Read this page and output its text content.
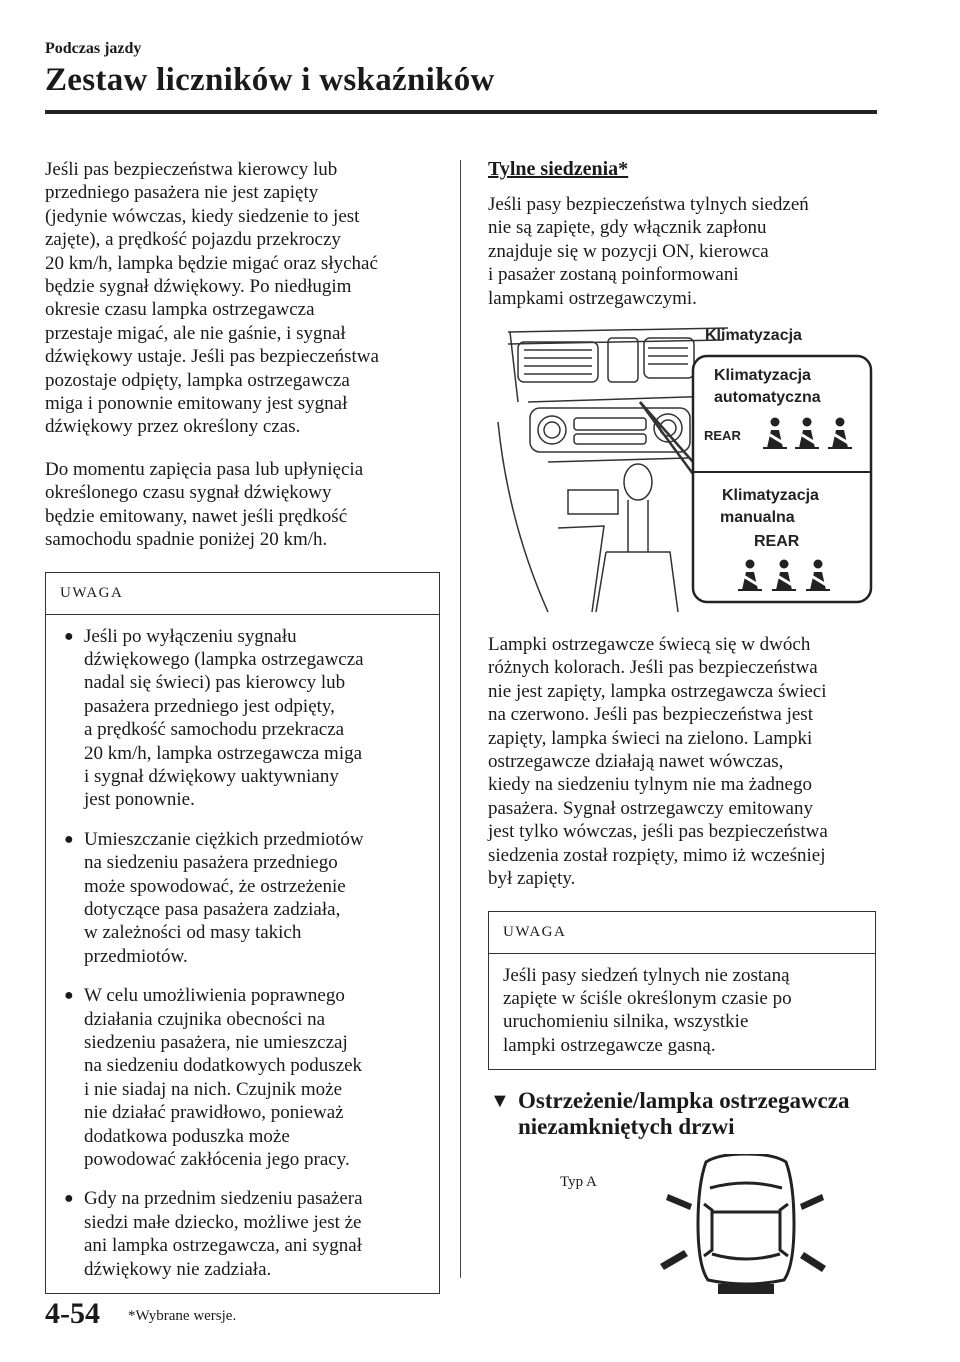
Podczas jazdy
Zestaw liczników i wskaźników

Jeśli pas bezpieczeństwa kierowcy lub
przedniego pasażera nie jest zapięty
(jedynie wówczas, kiedy siedzenie to jest
zajęte), a prędkość pojazdu przekroczy
20 km/h, lampka będzie migać oraz słychać
będzie sygnał dźwiękowy. Po niedługim
okresie czasu lampka ostrzegawcza
przestaje migać, ale nie gaśnie, i sygnał
dźwiękowy ustaje. Jeśli pas bezpieczeństwa
pozostaje odpięty, lampka ostrzegawcza
miga i ponownie emitowany jest sygnał
dźwiękowy przez określony czas.

Do momentu zapięcia pasa lub upłynięcia
określonego czasu sygnał dźwiękowy
będzie emitowany, nawet jeśli prędkość
samochodu spadnie poniżej 20 km/h.

UWAGA
● Jeśli po wyłączeniu sygnału
dźwiękowego (lampka ostrzegawcza
nadal się świeci) pas kierowcy lub
pasażera przedniego jest odpięty,
a prędkość samochodu przekracza
20 km/h, lampka ostrzegawcza miga
i sygnał dźwiękowy uaktywniany
jest ponownie.
● Umieszczanie ciężkich przedmiotów
na siedzeniu pasażera przedniego
może spowodować, że ostrzeżenie
dotyczące pasa pasażera zadziała,
w zależności od masy takich
przedmiotów.
● W celu umożliwienia poprawnego
działania czujnika obecności na
siedzeniu pasażera, nie umieszczaj
na siedzeniu dodatkowych poduszek
i nie siadaj na nich. Czujnik może
nie działać prawidłowo, ponieważ
dodatkowa poduszka może
powodować zakłócenia jego pracy.
● Gdy na przednim siedzeniu pasażera
siedzi małe dziecko, możliwe jest że
ani lampka ostrzegawcza, ani sygnał
dźwiękowy nie zadziała.
Tylne siedzenia*

Jeśli pasy bezpieczeństwa tylnych siedzeń
nie są zapięte, gdy włącznik zapłonu
znajduje się w pozycji ON, kierowca
i pasażer zostaną poinformowani
lampkami ostrzegawczymi.

Klimatyzacja
Klimatyzacja
automatyczna
REAR
Klimatyzacja
manualna
REAR

Lampki ostrzegawcze świecą się w dwóch
różnych kolorach. Jeśli pas bezpieczeństwa
nie jest zapięty, lampka ostrzegawcza świeci
na czerwono. Jeśli pas bezpieczeństwa jest
zapięty, lampka świeci na zielono. Lampki
ostrzegawcze działają nawet wówczas,
kiedy na siedzeniu tylnym nie ma żadnego
pasażera. Sygnał ostrzegawczy emitowany
jest tylko wówczas, jeśli pas bezpieczeństwa
siedzenia został rozpięty, mimo iż wcześniej
był zapięty.

UWAGA
Jeśli pasy siedzeń tylnych nie zostaną
zapięte w ściśle określonym czasie po
uruchomieniu silnika, wszystkie
lampki ostrzegawcze gasną.
▼ Ostrzeżenie/lampka ostrzegawcza
niezamkniętych drzwi
Typ A
4-54 *Wybrane wersje.
